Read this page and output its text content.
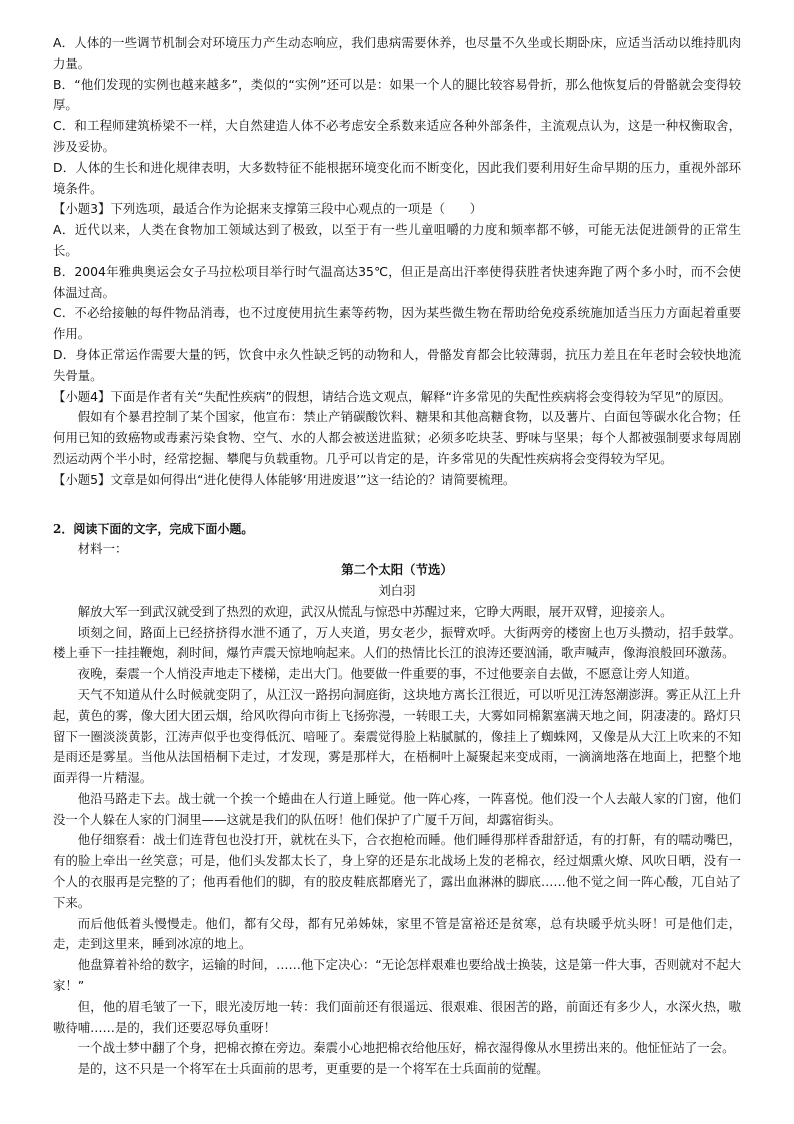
A．人体的一些调节机制会对环境压力产生动态响应，我们患病需要休养，也尽量不久坐或长期卧床，应适当活动以维持肌肉力量。

B．“他们发现的实例也越来越多”，类似的“实例”还可以是：如果一个人的腿比较容易骨折，那么他恢复后的骨骼就会变得较厚。

C．和工程师建筑桥梁不一样，大自然建造人体不必考虑安全系数来适应各种外部条件，主流观点认为，这是一种权衡取舍，涉及妥协。

D．人体的生长和进化规律表明，大多数特征不能根据环境变化而不断变化，因此我们要利用好生命早期的压力，重视外部环境条件。

【小题3】下列选项，最适合作为论据来支撑第三段中心观点的一项是（　　）

A．近代以来，人类在食物加工领域达到了极致，以至于有一些儿童咀嚼的力度和频率都不够，可能无法促进颌骨的正常生长。

B．2004年雅典奥运会女子马拉松项目举行时气温高达35℃，但正是高出汗率使得获胜者快速奔跑了两个多小时，而不会使体温过高。

C．不必给接触的每件物品消毒，也不过度使用抗生素等药物，因为某些微生物在帮助给免疫系统施加适当压力方面起着重要作用。

D．身体正常运作需要大量的钙，饮食中永久性缺乏钙的动物和人，骨骼发育都会比较薄弱，抗压力差且在年老时会较快地流失骨量。

【小题4】下面是作者有关“失配性疾病”的假想，请结合选文观点，解释“许多常见的失配性疾病将会变得较为罕见”的原因。

假如有个暴君控制了某个国家，他宣布：禁止产销碳酸饮料、糖果和其他高糖食物，以及薯片、白面包等碳水化合物；任何用已知的致癌物或毒素污染食物、空气、水的人都会被送进监狱；必须多吃块茎、野味与坚果；每个人都被强制要求每周剧烈运动两个半小时，经常挖掘、攀爬与负载重物。几乎可以肯定的是，许多常见的失配性疾病将会变得较为罕见。

【小题5】文章是如何得出“进化使得人体能够‘用进废退’”这一结论的？请简要梳理。

2．阅读下面的文字，完成下面小题。

材料一：

第二个太阳（节选）

刘白羽

解放大军一到武汉就受到了热烈的欢迎，武汉从慌乱与惊恐中苏醒过来，它睁大两眼，展开双臂，迎接亲人。

顷刻之间，路面上已经挤挤得水泄不通了，万人夹道，男女老少，振臂欢呼。大街两旁的楼窗上也万头攒动，招手鼓掌。楼上垂下一挂挂鞭炮，刹时间，爆竹声震天惊地响起来。人们的热情比长江的浪涛还要汹涌，歌声喊声，像海浪般回环激荡。

夜晚，秦震一个人悄没声地走下楼梯，走出大门。他要做一件重要的事，不过他要亲自去做，不愿意让旁人知道。

天气不知道从什么时候就变阴了，从江汉一路拐向洞庭街，这块地方离长江很近，可以听见江涛怒潮澎湃。雾正从江上升起，黄色的雾，像大团大团云烟，给风吹得向市街上飞扬弥漫，一转眼工夫，大雾如同棉絮塞满天地之间，阴凄凄的。路灯只留下一圈淡淡黄影，江涛声似乎也变得低沉、喑哑了。秦震觉得脸上粘腻腻的，像挂上了蜘蛛网，又像是从大江上吹来的不知是雨还是雾星。当他从法国梧桐下走过，才发现，雾是那样大，在梧桐叶上凝聚起来变成雨，一滴滴地落在地面上，把整个地面弄得一片精湿。

他沿马路走下去。战士就一个挨一个蜷曲在人行道上睡觉。他一阵心疼，一阵喜悦。他们没一个人去敲人家的门窗，他们没一个人躲在人家的门洞里——这就是我们的队伍呀！他们保护了广厦千万间，却露宿街头。

他仔细察看：战士们连背包也没打开，就枕在头下，合衣抱枪而睡。他们睡得那样香甜舒适，有的打鼾，有的嚅动嘴巴，有的脸上牵出一丝笑意；可是，他们头发都太长了，身上穿的还是东北战场上发的老棉衣，经过烟熏火燎、风吹日晒，没有一个人的衣服再是完整的了；他再看他们的脚，有的胶皮鞋底都磨光了，露出血淋淋的脚底……他不觉之间一阵心酸，兀自站了下来。

而后他低着头慢慢走。他们，都有父母，都有兄弟姊妹，家里不管是富裕还是贫寒，总有块暖乎炕头呀！可是他们走，走，走到这里来，睡到冰凉的地上。

他盘算着补给的数字，运输的时间，……他下定决心：“无论怎样艰难也要给战士换装，这是第一件大事，否则就对不起大家！”

但，他的眉毛皱了一下，眼光凌厉地一转：我们面前还有很遥远、很艰难、很困苦的路，前面还有多少人，水深火热，嗷嗷待哺……是的，我们还要忍辱负重呀！

一个战士梦中翻了个身，把棉衣撩在旁边。秦震小心地把棉衣给他压好，棉衣湿得像从水里捞出来的。他怔怔站了一会。

是的，这不只是一个将军在士兵面前的思考，更重要的是一个将军在士兵面前的觉醒。
